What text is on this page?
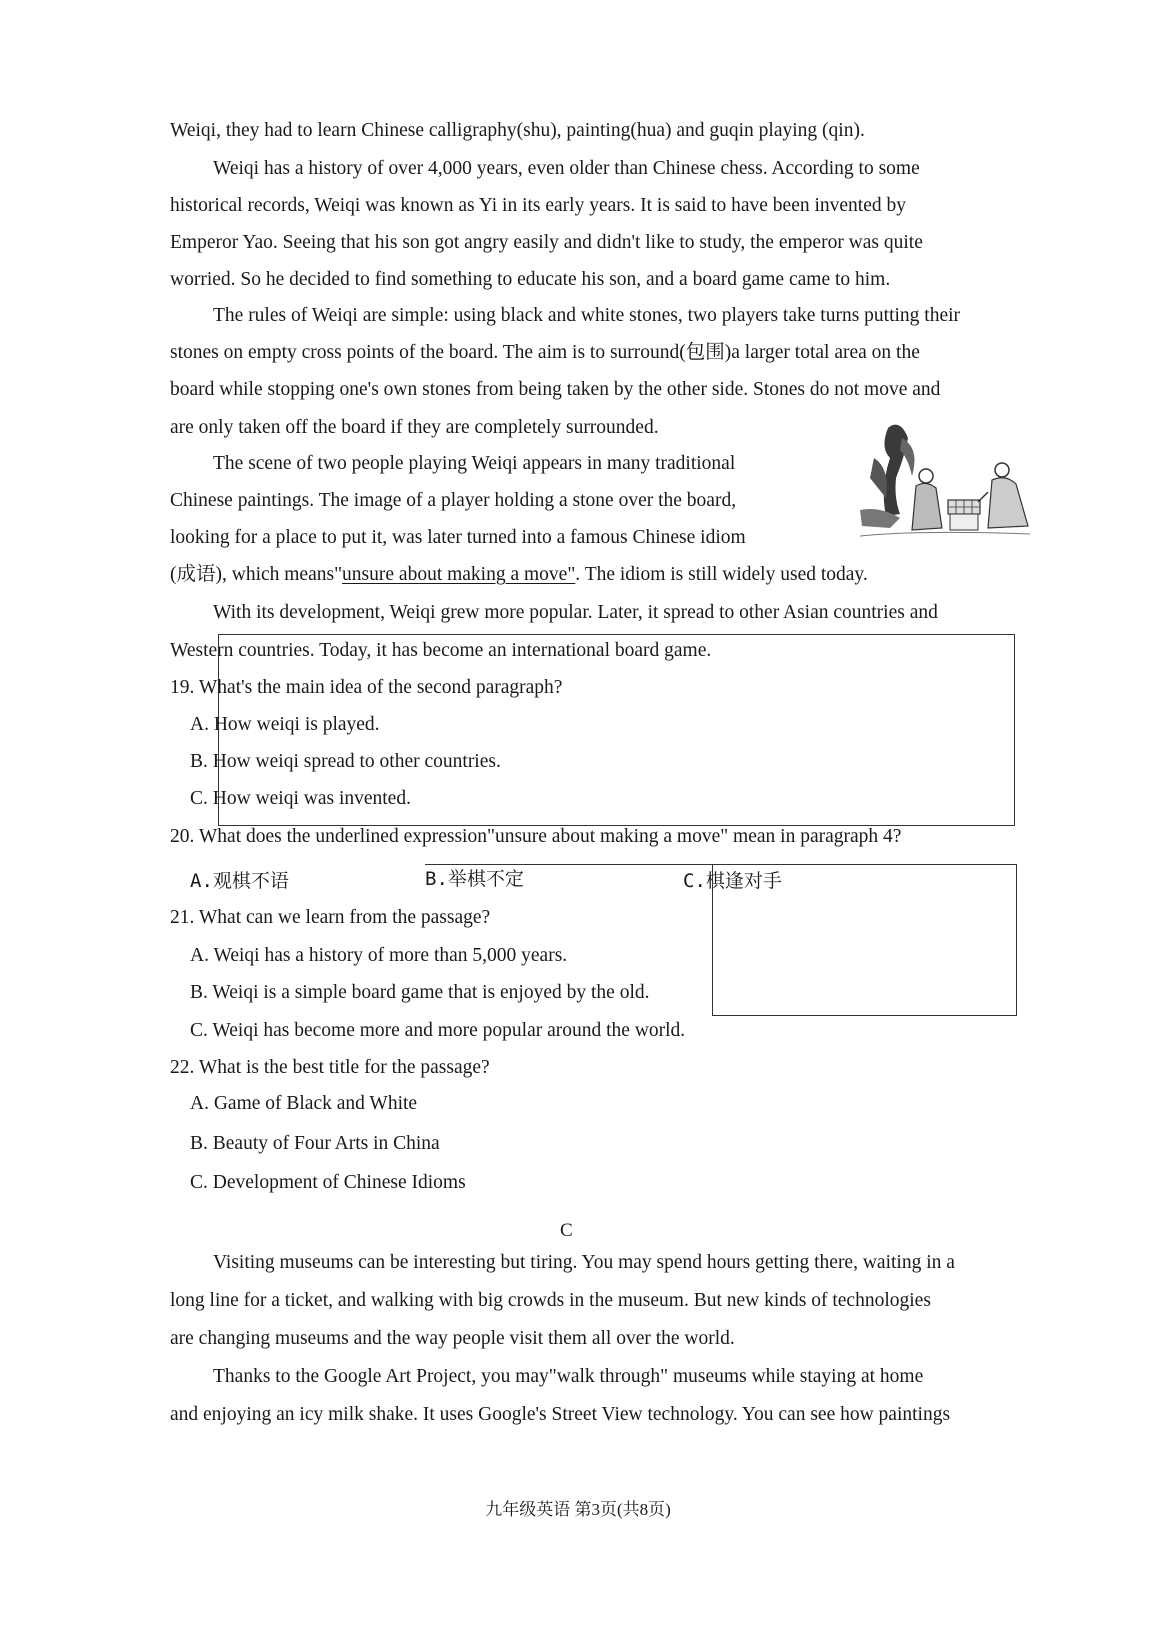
Weiqi, they had to learn Chinese calligraphy(shu), painting(hua) and guqin playing (qin).
Weiqi has a history of over 4,000 years, even older than Chinese chess. According to some
historical records, Weiqi was known as Yi in its early years. It is said to have been invented by
Emperor Yao. Seeing that his son got angry easily and didn't like to study, the emperor was quite
worried. So he decided to find something to educate his son, and a board game came to him.
The rules of Weiqi are simple: using black and white stones, two players take turns putting their
stones on empty cross points of the board. The aim is to surround(包围)a larger total area on the
board while stopping one's own stones from being taken by the other side. Stones do not move and
are only taken off the board if they are completely surrounded.
The scene of two people playing Weiqi appears in many traditional
Chinese paintings. The image of a player holding a stone over the board,
looking for a place to put it, was later turned into a famous Chinese idiom
(成语), which means"unsure about making a move". The idiom is still widely used today.
With its development, Weiqi grew more popular. Later, it spread to other Asian countries and
Western countries. Today, it has become an international board game.
19. What's the main idea of the second paragraph?
A. How weiqi is played.
B. How weiqi spread to other countries.
C. How weiqi was invented.
20. What does the underlined expression"unsure about making a move" mean in paragraph 4?
A.观棋不语	B.举棋不定	C.棋逢对手
21. What can we learn from the passage?
A. Weiqi has a history of more than 5,000 years.
B. Weiqi is a simple board game that is enjoyed by the old.
C. Weiqi has become more and more popular around the world.
22. What is the best title for the passage?
A. Game of Black and White
B. Beauty of Four Arts in China
C. Development of Chinese Idioms
C
Visiting museums can be interesting but tiring. You may spend hours getting there, waiting in a
long line for a ticket, and walking with big crowds in the museum. But new kinds of technologies
are changing museums and the way people visit them all over the world.
Thanks to the Google Art Project, you may"walk through" museums while staying at home
and enjoying an icy milk shake. It uses Google's Street View technology. You can see how paintings
九年级英语 第3页(共8页)
